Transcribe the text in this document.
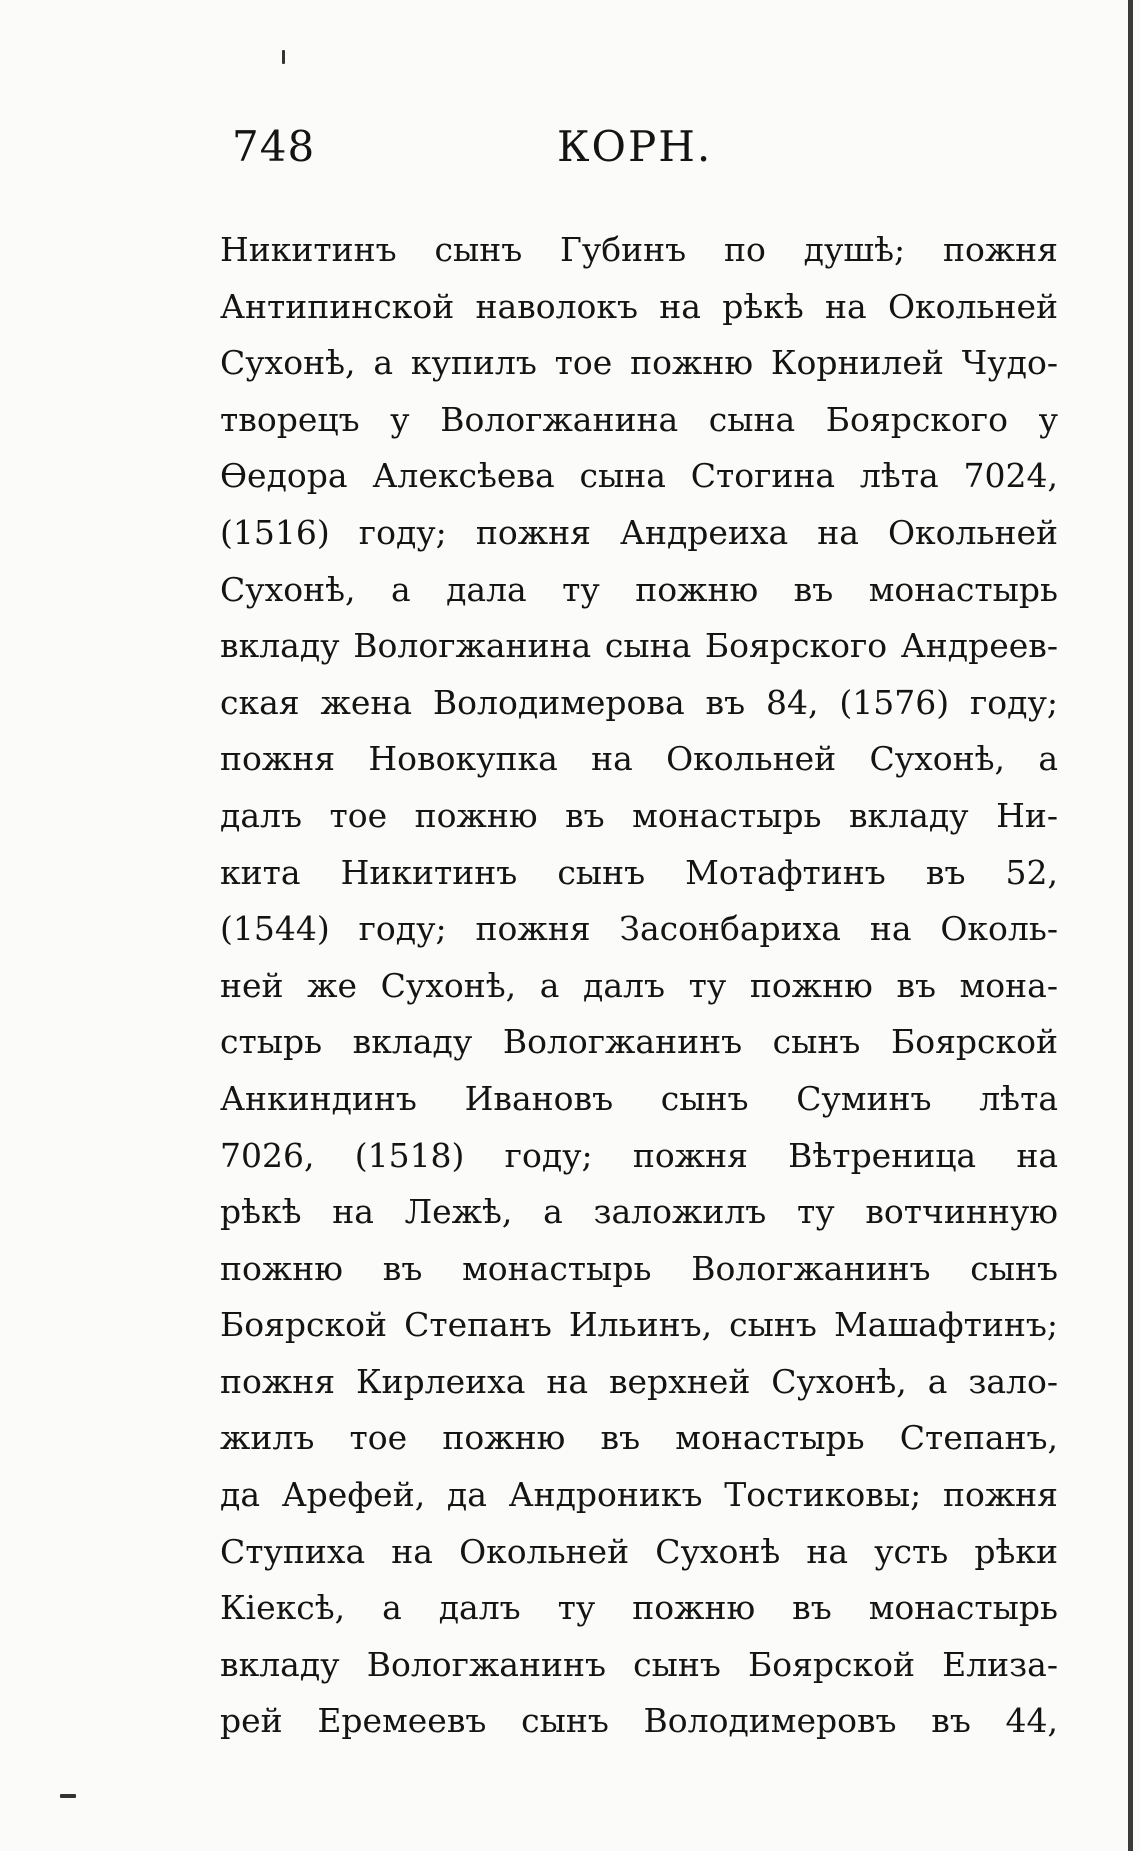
748	КОРН.
Никитинъ сынъ Губинъ по душѣ; пожня
Антипинской наволокъ на рѣкѣ на Окольней
Сухонѣ, а купилъ тое пожню Корнилей Чудо-
творецъ у Вологжанина сына Боярского у
Ѳедора Алексѣева сына Стогина лѣта 7024,
(1516) году; пожня Андреиха на Окольней
Сухонѣ, а дала ту пожню въ монастырь
вкладу Вологжанина сына Боярского Андреев-
ская жена Володимерова въ 84, (1576) году;
пожня Новокупка на Окольней Сухонѣ, а
далъ тое пожню въ монастырь вкладу Ни-
кита Никитинъ сынъ Мотафтинъ въ 52,
(1544) году; пожня Засонбариха на Околь-
ней же Сухонѣ, а далъ ту пожню въ мона-
стырь вкладу Вологжанинъ сынъ Боярской
Анкиндинъ Ивановъ сынъ Суминъ лѣта
7026, (1518) году; пожня Вѣтреница на
рѣкѣ на Лежѣ, а заложилъ ту вотчинную
пожню въ монастырь Вологжанинъ сынъ
Боярской Степанъ Ильинъ, сынъ Машафтинъ;
пожня Кирлеиха на верхней Сухонѣ, а зало-
жилъ тое пожню въ монастырь Степанъ,
да Арефей, да Андроникъ Тостиковы; пожня
Ступиха на Окольней Сухонѣ на усть рѣки
Кіексѣ, а далъ ту пожню въ монастырь
вкладу Вологжанинъ сынъ Боярской Елиза-
рей Еремеевъ сынъ Володимеровъ въ 44,
